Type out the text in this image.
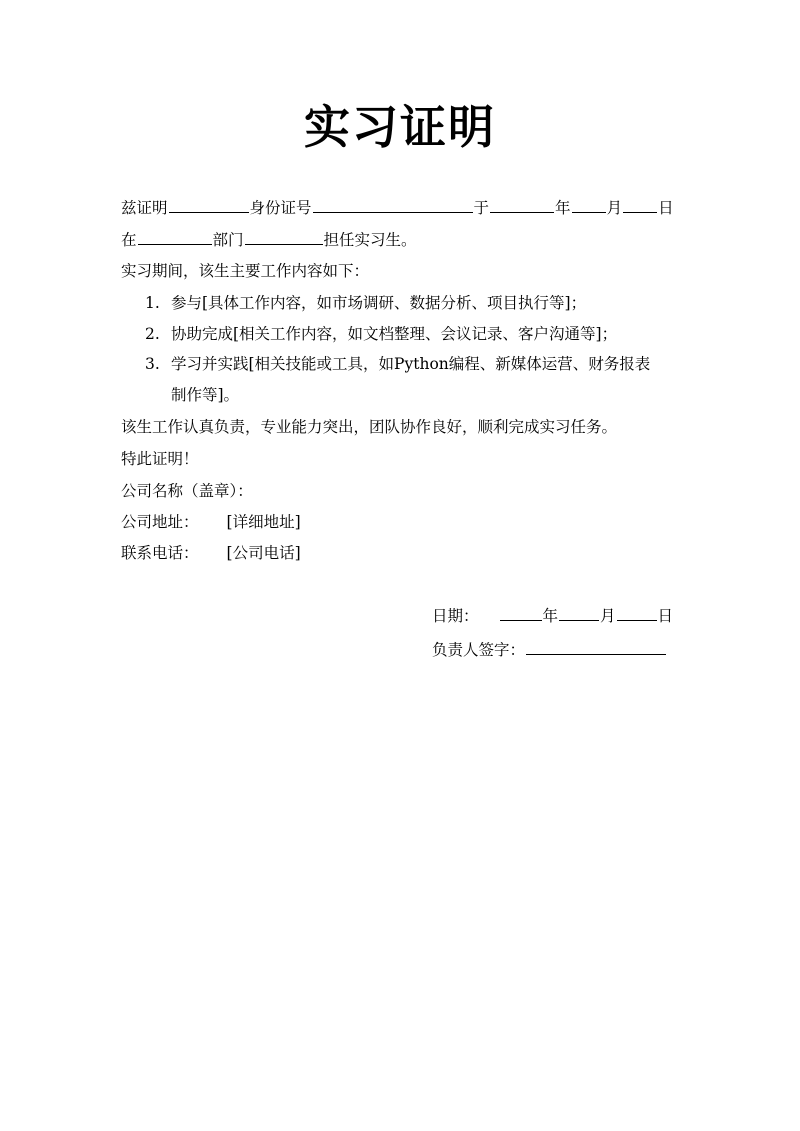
实习证明
兹证明	身份证号	于	年 月 日
在	部门	担任实习生。
实习期间，该生主要工作内容如下：
1. 参与[具体工作内容，如市场调研、数据分析、项目执行等]；
2. 协助完成[相关工作内容，如文档整理、会议记录、客户沟通等]；
3. 学习并实践[相关技能或工具，如Python编程、新媒体运营、财务报表
制作等]。
该生工作认真负责，专业能力突出，团队协作良好，顺利完成实习任务。
特此证明！
公司名称（盖章）：
公司地址： [详细地址]
联系电话： [公司电话]
日期：	年	月	日
负责人签字：
